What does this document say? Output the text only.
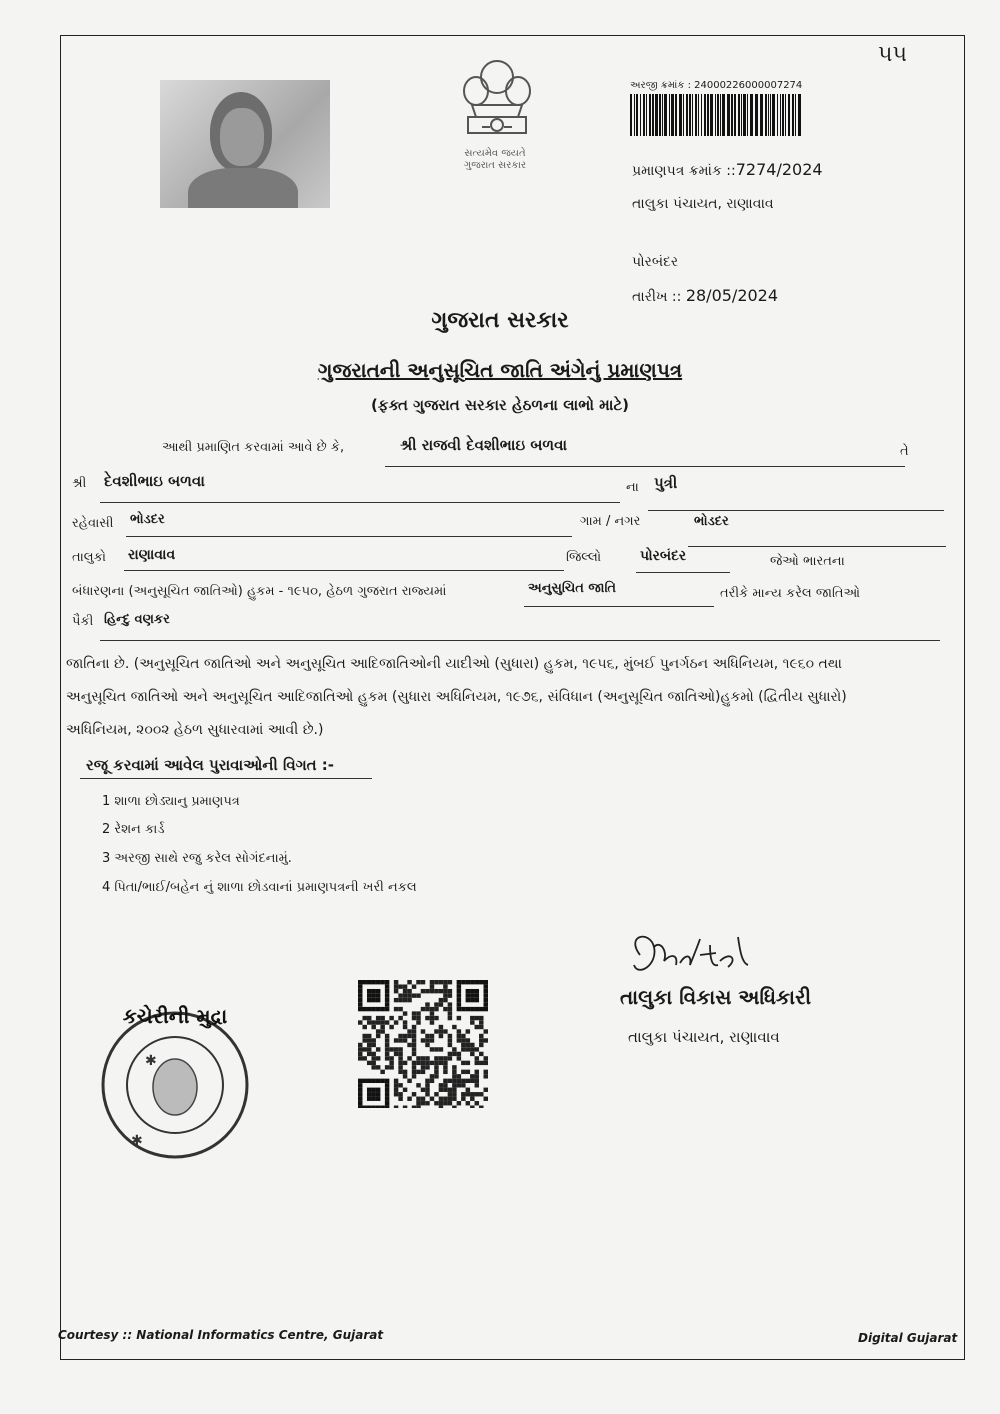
૫૫
સત્યમેવ જયતે
ગુજરાત સરકાર
અરજી ક્રમાંક : 24000226000007274
પ્રમાણપત્ર ક્રમાંક ::7274/2024
તાલુકા પંચાયત, રાણાવાવ
પોરબંદર
તારીખ :: 28/05/2024
ગુજરાત સરકાર
ગુજરાતની અનુસૂચિત જાતિ અંગેનું પ્રમાણપત્ર
(ફક્ત ગુજરાત સરકાર હેઠળના લાભો માટે)
આથી પ્રમાણિત કરવામાં આવે છે કે,	શ્રી રાજવી દેવશીભાઇ બળવા	તે
શ્રી દેવશીભાઇ બળવા	ના પુત્રી
રહેવાસી ભોડદર	ગામ / નગર	ભોડદર
તાલુકો રાણાવાવ	જિલ્લો	પોરબંદર	જેઓ ભારતના
બંધારણના (અનુસૂચિત જાતિઓ) હુકમ - ૧૯૫૦, હેઠળ ગુજરાત રાજ્યમાં	અનુસુચિત જાતિ	તરીકે માન્ય કરેલ જાતિઓ
પૈકી હિન્દુ વણકર
જાતિના છે. (અનુસૂચિત જાતિઓ અને અનુસૂચિત આદિજાતિઓની યાદીઓ (સુધારા) હુકમ, ૧૯૫૬, મુંબઈ પુનર્ગઠન અધિનિયમ, ૧૯૬૦ તથા
અનુસૂચિત જાતિઓ અને અનુસૂચિત આદિજાતિઓ હુકમ (સુધારા અધિનિયમ, ૧૯૭૬, સંવિધાન (અનુસૂચિત જાતિઓ)હુકમો (દ્વિતીય સુધારો)
અધિનિયમ, ૨૦૦૨ હેઠળ સુધારવામાં આવી છે.)
રજૂ કરવામાં આવેલ પુરાવાઓની વિગત :-
1 શાળા છોડ્યાનુ પ્રમાણપત્ર
2 રેશન કાર્ડ
3 અરજી સાથે રજુ કરેલ સોગંદનામું.
4 પિતા/ભાઈ/બહેન નું શાળા છોડવાનાં પ્રમાણપત્રની ખરી નકલ
તાલુકા વિકાસ અધિકારી
તાલુકા પંચાયત, રાણાવાવ
કચેરીની મુદ્રા
✱
✱
Courtesy :: National Informatics Centre, Gujarat	Digital Gujarat
